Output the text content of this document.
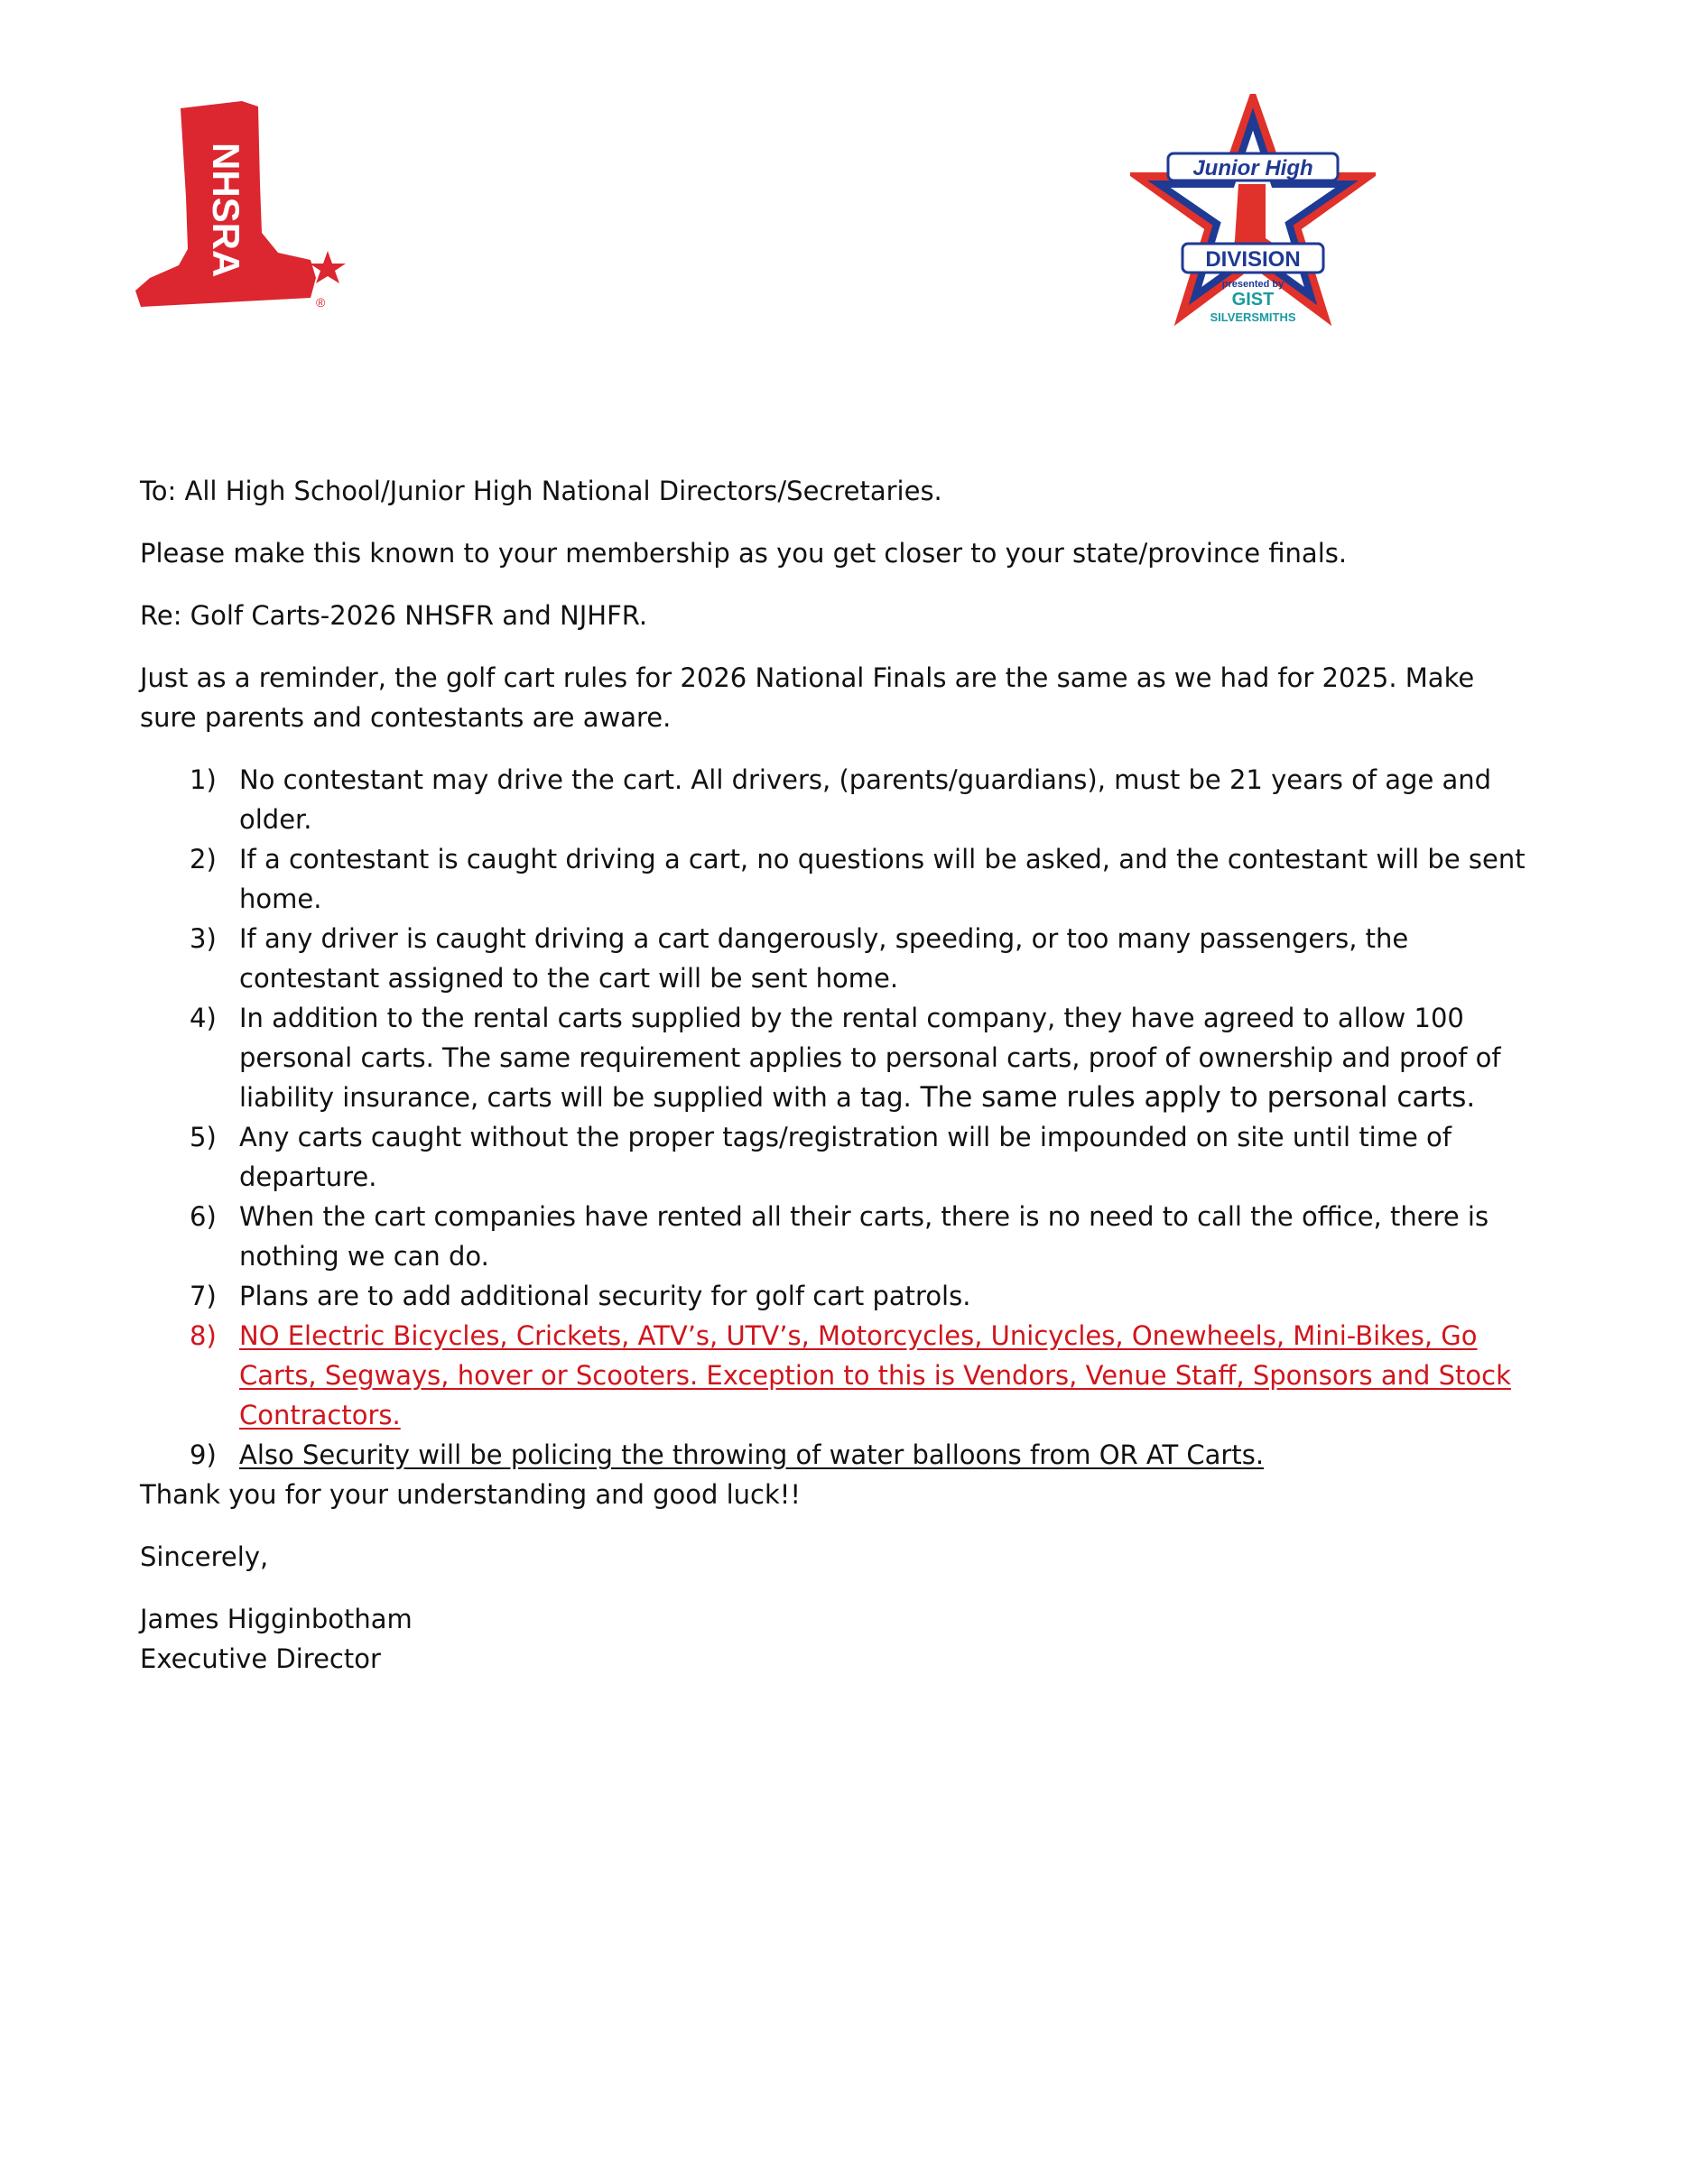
NHSRA
®
Junior High
DIVISION
presented by
GIST
SILVERSMITHS

To: All High School/Junior High National Directors/Secretaries.

Please make this known to your membership as you get closer to your state/province finals.

Re: Golf Carts-2026 NHSFR and NJHFR.

Just as a reminder, the golf cart rules for 2026 National Finals are the same as we had for 2025. Make sure parents and contestants are aware.

1) No contestant may drive the cart. All drivers, (parents/guardians), must be 21 years of age and older.
2) If a contestant is caught driving a cart, no questions will be asked, and the contestant will be sent home.
3) If any driver is caught driving a cart dangerously, speeding, or too many passengers, the contestant assigned to the cart will be sent home.
4) In addition to the rental carts supplied by the rental company, they have agreed to allow 100 personal carts. The same requirement applies to personal carts, proof of ownership and proof of liability insurance, carts will be supplied with a tag. The same rules apply to personal carts.
5) Any carts caught without the proper tags/registration will be impounded on site until time of departure.
6) When the cart companies have rented all their carts, there is no need to call the office, there is nothing we can do.
7) Plans are to add additional security for golf cart patrols.
8) NO Electric Bicycles, Crickets, ATV’s, UTV’s, Motorcycles, Unicycles, Onewheels, Mini-Bikes, Go Carts, Segways, hover or Scooters. Exception to this is Vendors, Venue Staff, Sponsors and Stock Contractors.
9) Also Security will be policing the throwing of water balloons from OR AT Carts.

Thank you for your understanding and good luck!!

Sincerely,

James Higginbotham

Executive Director
